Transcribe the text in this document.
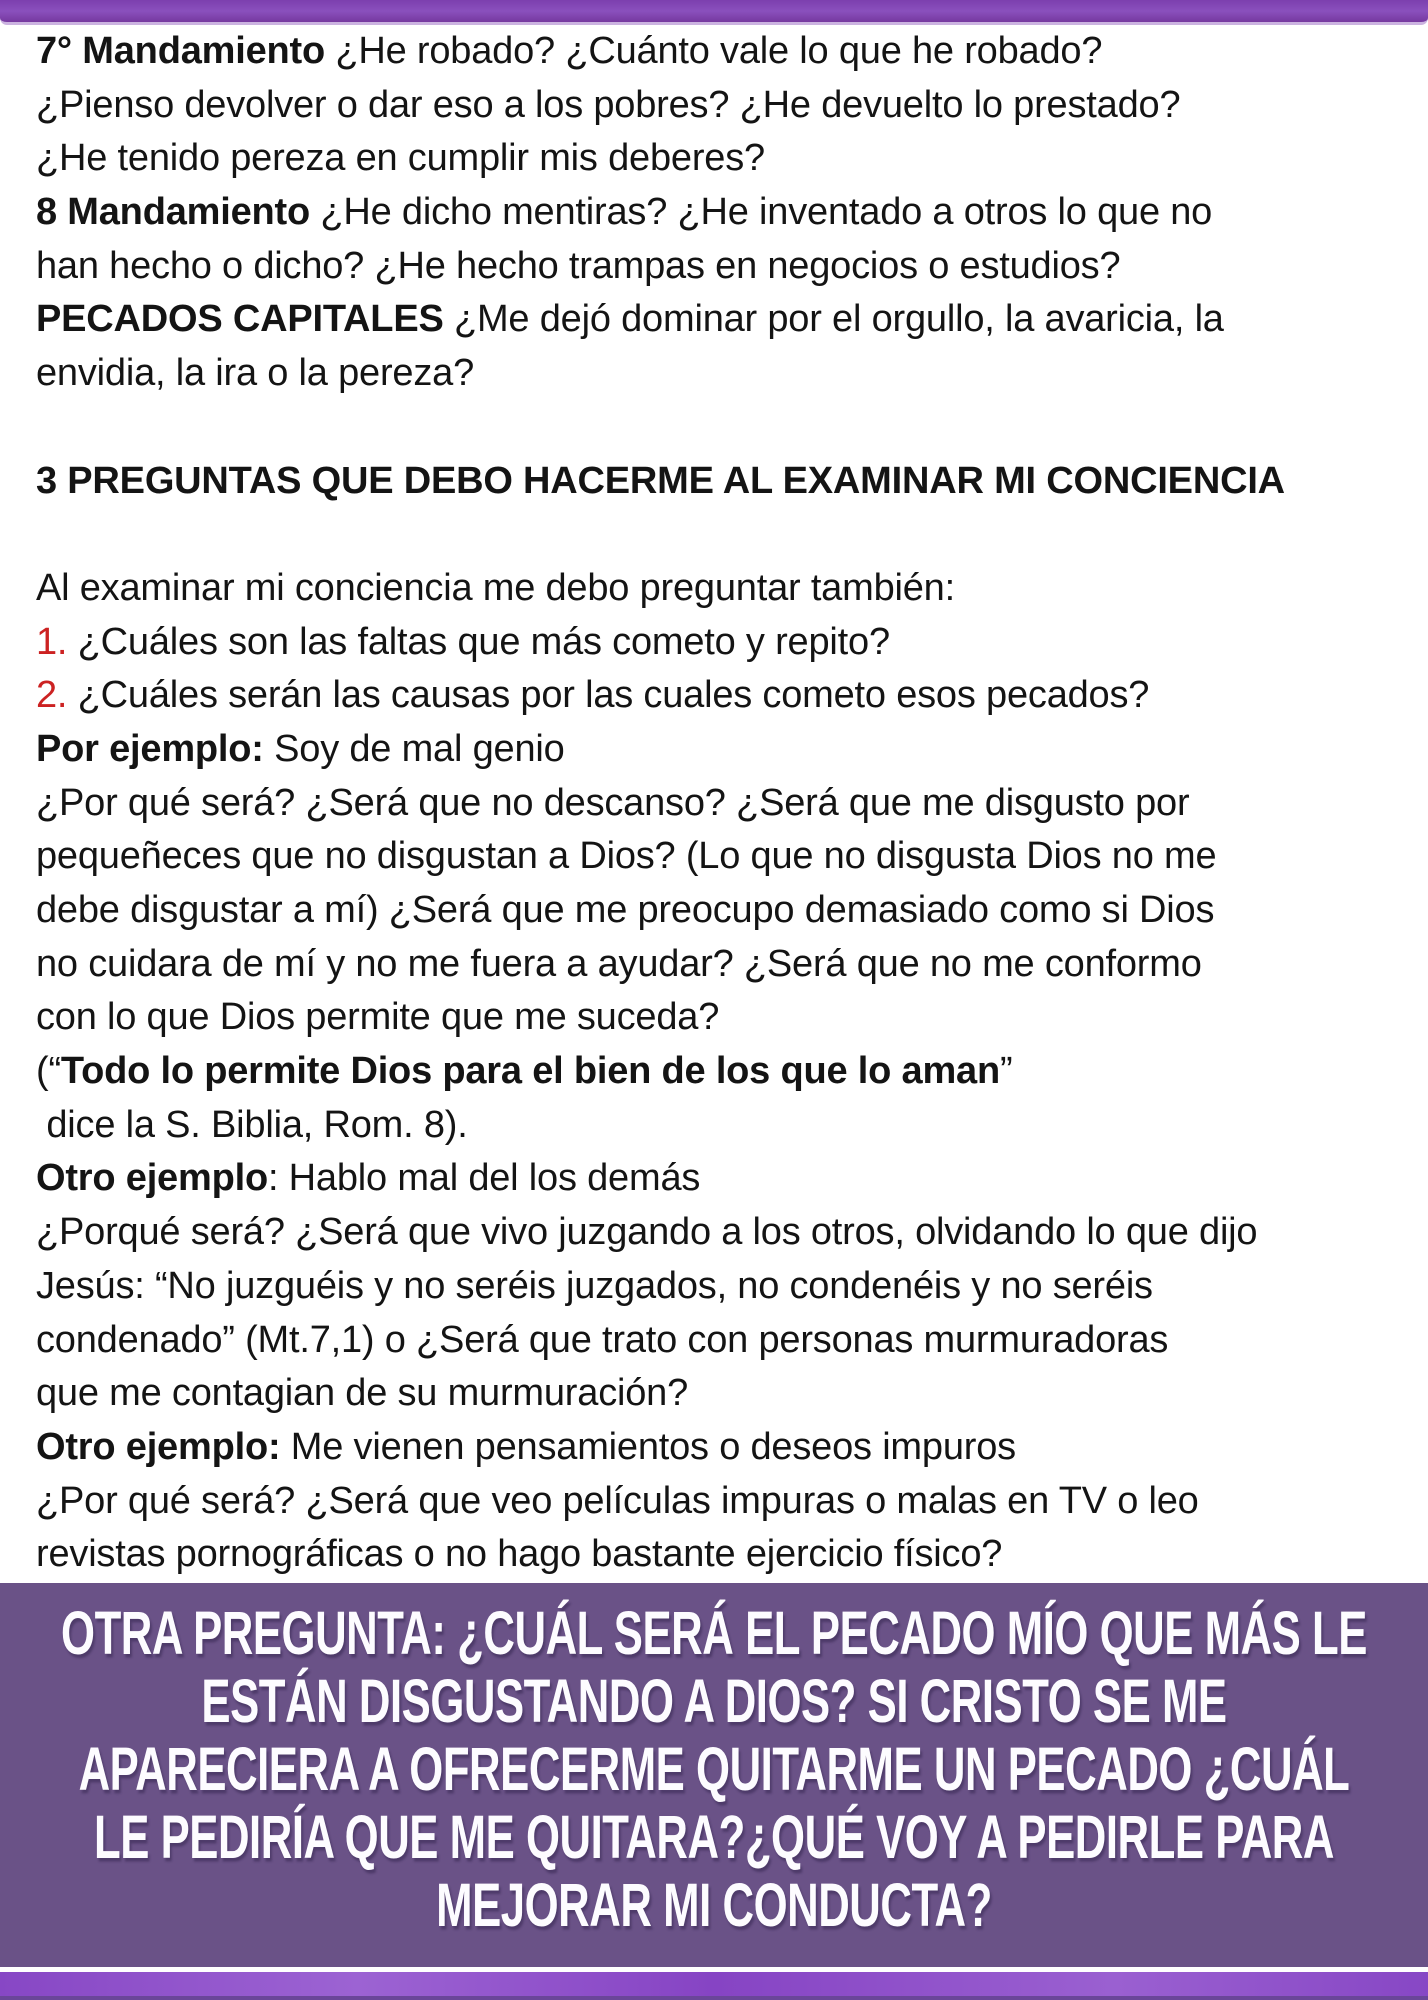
7° Mandamiento ¿He robado? ¿Cuánto vale lo que he robado?
¿Pienso devolver o dar eso a los pobres? ¿He devuelto lo prestado?
¿He tenido pereza en cumplir mis deberes?
8 Mandamiento ¿He dicho mentiras? ¿He inventado a otros lo que no
han hecho o dicho? ¿He hecho trampas en negocios o estudios?
PECADOS CAPITALES ¿Me dejó dominar por el orgullo, la avaricia, la
envidia, la ira o la pereza?
3 PREGUNTAS QUE DEBO HACERME AL EXAMINAR MI CONCIENCIA
Al examinar mi conciencia me debo preguntar también:
1. ¿Cuáles son las faltas que más cometo y repito?
2. ¿Cuáles serán las causas por las cuales cometo esos pecados?
Por ejemplo: Soy de mal genio
¿Por qué será? ¿Será que no descanso? ¿Será que me disgusto por
pequeñeces que no disgustan a Dios? (Lo que no disgusta Dios no me
debe disgustar a mí) ¿Será que me preocupo demasiado como si Dios
no cuidara de mí y no me fuera a ayudar? ¿Será que no me conformo
con lo que Dios permite que me suceda?
(“Todo lo permite Dios para el bien de los que lo aman”
dice la S. Biblia, Rom. 8).
Otro ejemplo: Hablo mal del los demás
¿Porqué será? ¿Será que vivo juzgando a los otros, olvidando lo que dijo
Jesús: “No juzguéis y no seréis juzgados, no condenéis y no seréis
condenado” (Mt.7,1) o ¿Será que trato con personas murmuradoras
que me contagian de su murmuración?
Otro ejemplo: Me vienen pensamientos o deseos impuros
¿Por qué será? ¿Será que veo películas impuras o malas en TV o leo
revistas pornográficas o no hago bastante ejercicio físico?
OTRA PREGUNTA: ¿CUÁL SERÁ EL PECADO MÍO QUE MÁS LE
ESTÁN DISGUSTANDO A DIOS? SI CRISTO SE ME
APARECIERA A OFRECERME QUITARME UN PECADO ¿CUÁL
LE PEDIRÍA QUE ME QUITARA?¿QUÉ VOY A PEDIRLE PARA
MEJORAR MI CONDUCTA?
